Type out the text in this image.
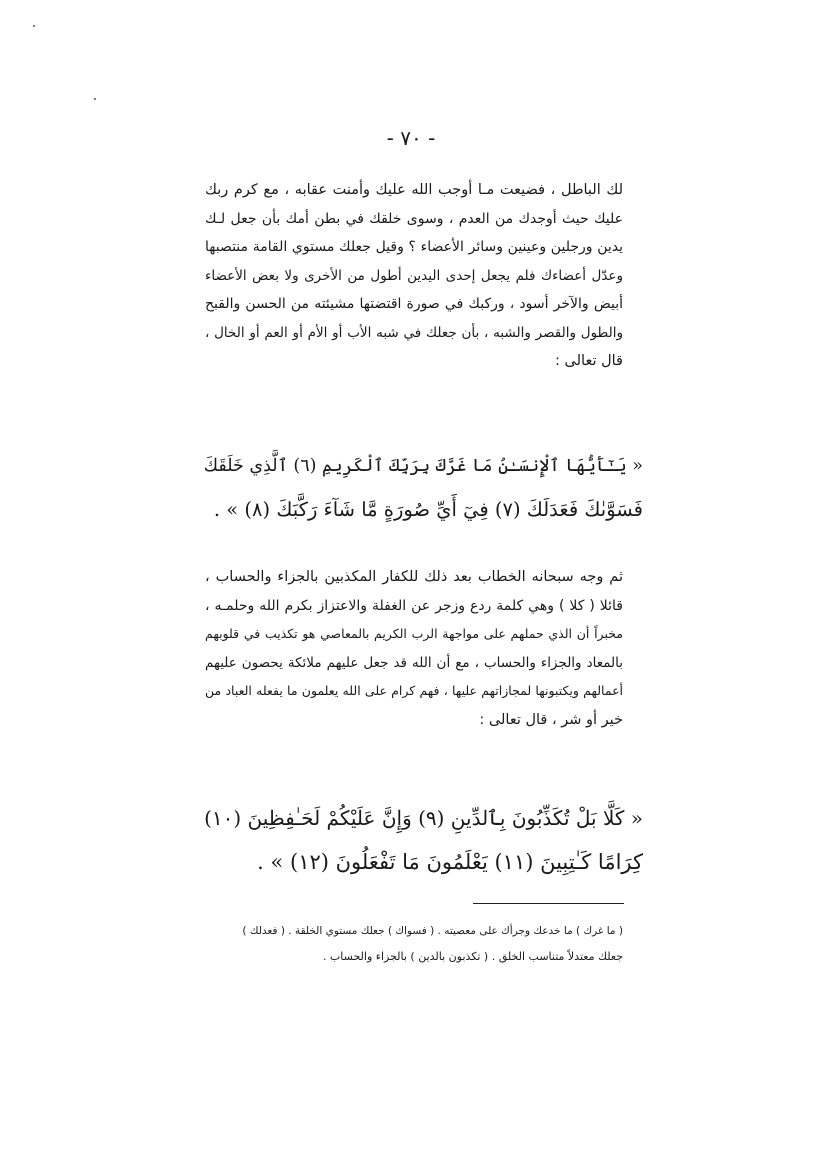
- ٧٠ -
لك الباطل ، فضيعت مـا أوجب الله عليك وأمنت عقابه ، مع كرم ربك
عليك حيث أوجدك من العدم ، وسوى خلقك في بطن أمك بأن جعل لـك
يدين ورجلين وعينين وسائر الأعضاء ؟ وقيل جعلك مستوي القامة منتصبها
وعدّل أعضاءك فلم يجعل إحدى اليدين أطول من الأخرى ولا بعض الأعضاء
أبيض والآخر أسود ، وركبك في صورة اقتضتها مشيئته من الحسن والقبح
والطول والقصر والشبه ، بأن جعلك في شبه الأب أو الأم أو العم أو الخال ،
قال تعالى :
« يَـٰٓأَيُّهَا ٱلْإِنسَـٰنُ مَا غَرَّكَ بِرَبِّكَ ٱلْكَرِيمِ (٦) ٱلَّذِي خَلَقَكَ
فَسَوَّىٰكَ فَعَدَلَكَ (٧) فِيٓ أَيِّ صُورَةٍ مَّا شَآءَ رَكَّبَكَ (٨) » .
ثم وجه سبحانه الخطاب بعد ذلك للكفار المكذبين بالجزاء والحساب ،
قائلا ( كلا ) وهي كلمة ردع وزجر عن الغفلة والاعتزاز بكرم الله وحلمـه ،
مخبراً أن الذي حملهم على مواجهة الرب الكريم بالمعاصي هو تكذيب في قلوبهم
بالمعاد والجزاء والحساب ، مع أن الله قد جعل عليهم ملائكة يحصون عليهم
أعمالهم ويكتبونها لمجازاتهم عليها ، فهم كرام على الله يعلمون ما يفعله العباد من
خير أو شر ، قال تعالى :
« كَلَّا بَلْ تُكَذِّبُونَ بِٱلدِّينِ (٩) وَإِنَّ عَلَيْكُمْ لَحَـٰفِظِينَ (١٠)
كِرَامًا كَـٰتِبِينَ (١١) يَعْلَمُونَ مَا تَفْعَلُونَ (١٢) » .
( ما غرك ) ما خدعك وجرأك على معصيته . ( فسواك ) جعلك مستوي الخلقة . ( فعدلك )
جعلك معتدلاً متناسب الخلق . ( تكذبون بالدين ) بالجزاء والحساب .
